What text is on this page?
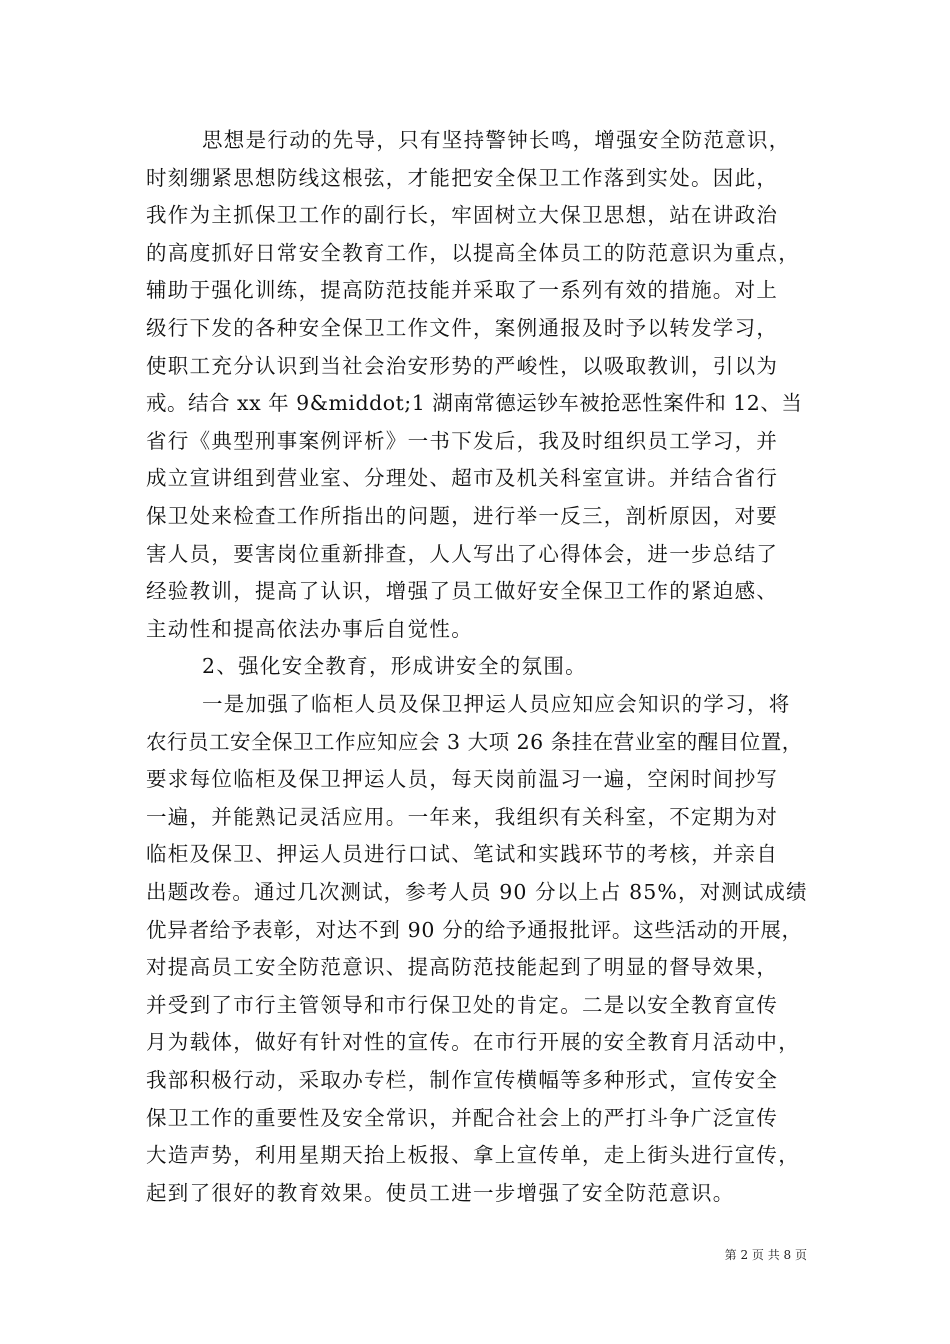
思想是行动的先导，只有坚持警钟长鸣，增强安全防范意识，
时刻绷紧思想防线这根弦，才能把安全保卫工作落到实处。因此，
我作为主抓保卫工作的副行长，牢固树立大保卫思想，站在讲政治
的高度抓好日常安全教育工作，以提高全体员工的防范意识为重点，
辅助于强化训练，提高防范技能并采取了一系列有效的措施。对上
级行下发的各种安全保卫工作文件，案例通报及时予以转发学习，
使职工充分认识到当社会治安形势的严峻性，以吸取教训，引以为
戒。结合 xx 年 9&middot;1 湖南常德运钞车被抢恶性案件和 12、当
省行《典型刑事案例评析》一书下发后，我及时组织员工学习，并
成立宣讲组到营业室、分理处、超市及机关科室宣讲。并结合省行
保卫处来检查工作所指出的问题，进行举一反三，剖析原因，对要
害人员，要害岗位重新排查，人人写出了心得体会，进一步总结了
经验教训，提高了认识，增强了员工做好安全保卫工作的紧迫感、
主动性和提高依法办事后自觉性。
2、强化安全教育，形成讲安全的氛围。
一是加强了临柜人员及保卫押运人员应知应会知识的学习，将
农行员工安全保卫工作应知应会 3 大项 26 条挂在营业室的醒目位置，
要求每位临柜及保卫押运人员，每天岗前温习一遍，空闲时间抄写
一遍，并能熟记灵活应用。一年来，我组织有关科室，不定期为对
临柜及保卫、押运人员进行口试、笔试和实践环节的考核，并亲自
出题改卷。通过几次测试，参考人员 90 分以上占 85%，对测试成绩
优异者给予表彰，对达不到 90 分的给予通报批评。这些活动的开展，
对提高员工安全防范意识、提高防范技能起到了明显的督导效果，
并受到了市行主管领导和市行保卫处的肯定。二是以安全教育宣传
月为载体，做好有针对性的宣传。在市行开展的安全教育月活动中，
我部积极行动，采取办专栏，制作宣传横幅等多种形式，宣传安全
保卫工作的重要性及安全常识，并配合社会上的严打斗争广泛宣传
大造声势，利用星期天抬上板报、拿上宣传单，走上街头进行宣传，
起到了很好的教育效果。使员工进一步增强了安全防范意识。
第 2 页 共 8 页
